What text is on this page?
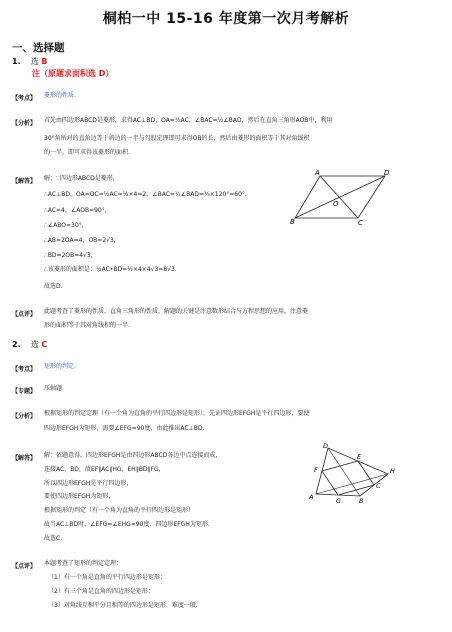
桐柏一中 15-16 年度第一次月考解析
一、选择题
1. 选 B
注（原题求面积选 D）
【考点】 菱形的性质.
【分析】 首先由四边形ABCD是菱形，求得AC⊥BD，OA=½AC，∠BAC=½∠BAD，然后在直角三角形AOB中，利用
30°角所对的直角边等于斜边的一半与勾股定理即可求得OB的长，然后由菱形的面积等于其对角线积
的一半，即可求得该菱形的面积.
【解答】 解：∵四边形ABCD是菱形，
∴AC⊥BD，OA=OC=½AC=½×4=2，∠BAC=½∠BAD=½×120°=60°，
∴AC=4，∠AOB=90°，
∴∠ABO=30°，
∴AB=2OA=4，OB=2√3，
∴BD=2OB=4√3，
∴该菱形的面积是：½AC•BD=½×4×4√3=8√3.
故选D.
A
B	C
D
O
【点评】 此题考查了菱形的性质，直角三角形的性质，解题的关键是注意数形结合与方程思想的应用，注意菱
形的面积等于其对角线积的一半.
2. 选 C
【考点】 矩形的判定.
【专题】 压轴题.
【分析】 根据矩形的判定定理（有一个角为直角的平行四边形是矩形），先证四边形EFGH是平行四边形，要使
四边形EFGH为矩形，需要∠EFG=90度，由此推出AC⊥BD.
【解答】 解：依题意得，四边形EFGH是由四边形ABCD各边中点连接而成，
连接AC、BD，故EF∥AC∥HG，EH∥BD∥FG，
所以四边形EFGH是平行四边形，
要使四边形EFGH为矩形，
根据矩形的判定（有一个角为直角的平行四边形是矩形）
故当AC⊥BD时，∠EFG=∠EHG=90度．四边形EFGH为矩形．
故选C.
D
E
H
F
A	G	B
C
【点评】 本题考查了矩形的判定定理：
（1）有一个角是直角的平行四边形是矩形；
（2）有三个角是直角的四边形是矩形；
（3）对角线互相平分且相等的四边形是矩形．难度一般．
